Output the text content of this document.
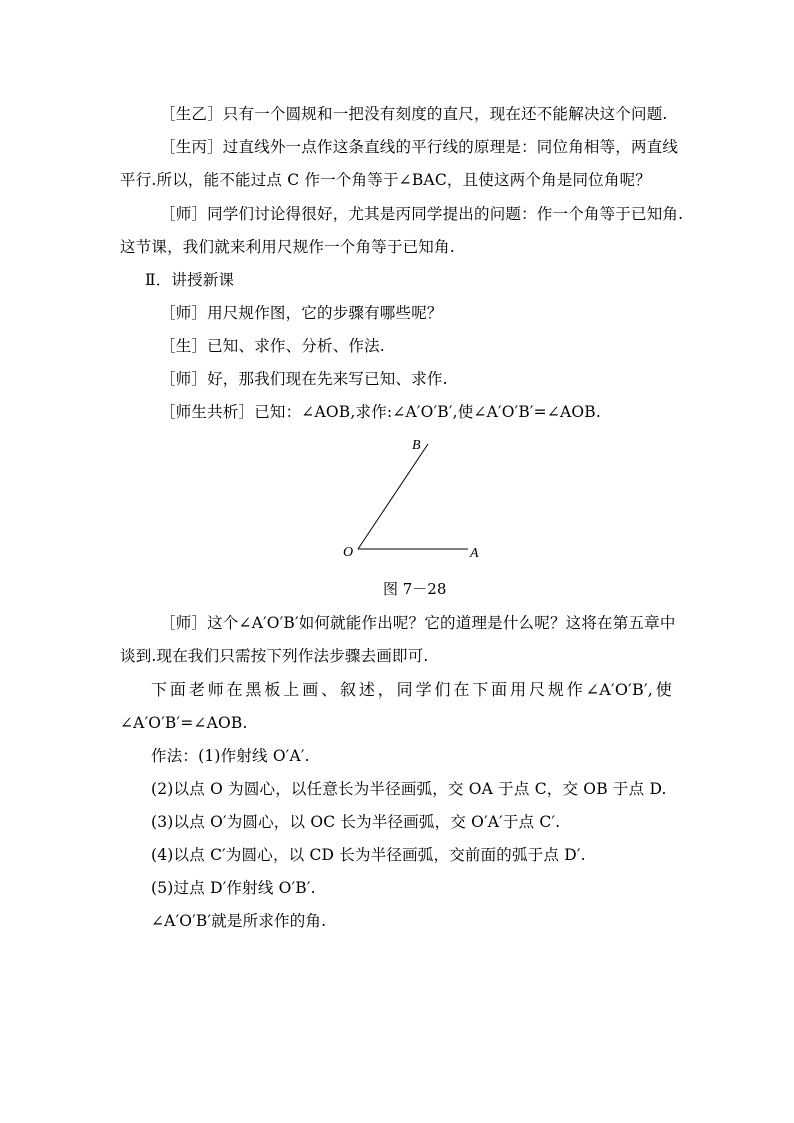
［生乙］只有一个圆规和一把没有刻度的直尺，现在还不能解决这个问题.
［生丙］过直线外一点作这条直线的平行线的原理是：同位角相等，两直线
平行.所以，能不能过点 C 作一个角等于∠BAC，且使这两个角是同位角呢？
［师］同学们讨论得很好，尤其是丙同学提出的问题：作一个角等于已知角.
这节课，我们就来利用尺规作一个角等于已知角.
Ⅱ．讲授新课
［师］用尺规作图，它的步骤有哪些呢？
［生］已知、求作、分析、作法.
［师］好，那我们现在先来写已知、求作.
［师生共析］已知：∠AOB,求作:∠A′O′B′,使∠A′O′B′=∠AOB.
O	A
B
图 7－28
［师］这个∠A′O′B′如何就能作出呢？它的道理是什么呢？这将在第五章中
谈到.现在我们只需按下列作法步骤去画即可.
下面老师在黑板上画、叙述，同学们在下面用尺规作∠A′O′B′,使
∠A′O′B′=∠AOB.
作法：(1)作射线 O′A′.
(2)以点 O 为圆心，以任意长为半径画弧，交 OA 于点 C，交 OB 于点 D.
(3)以点 O′为圆心，以 OC 长为半径画弧，交 O′A′于点 C′.
(4)以点 C′为圆心，以 CD 长为半径画弧，交前面的弧于点 D′.
(5)过点 D′作射线 O′B′.
∠A′O′B′就是所求作的角.
